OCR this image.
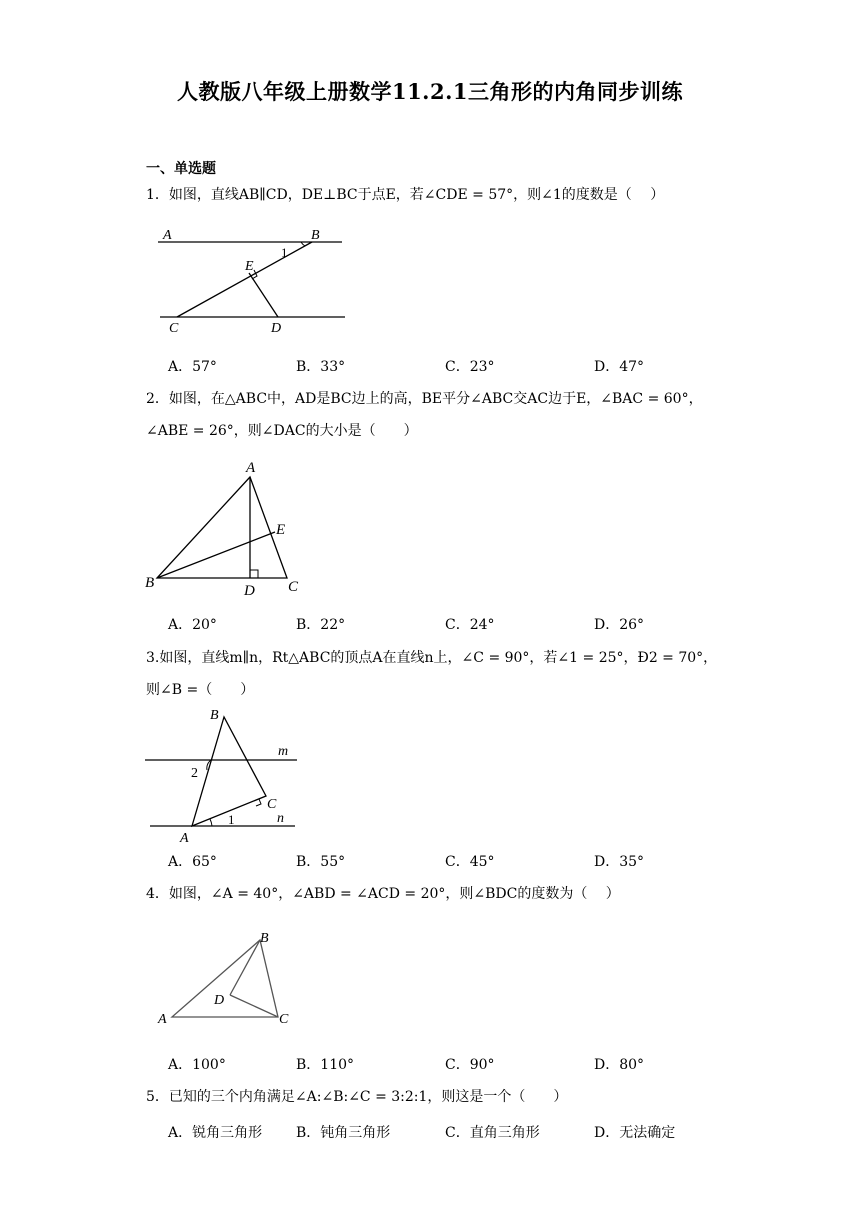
人教版八年级上册数学11.2.1三角形的内角同步训练
一、单选题
1．如图，直线AB∥CD，DE⊥BC于点E，若∠CDE = 57°，则∠1的度数是（　 ）
A	B
1
E
C	D
A．57°	B．33°	C．23°	D．47°
2．如图，在△ABC中，AD是BC边上的高，BE平分∠ABC交AC边于E，∠BAC = 60°，
∠ABE = 26°，则∠DAC的大小是（　　）
A
E
B	D C
A．20°	B．22°	C．24°	D．26°
3.如图，直线m∥n，Rt△ABC的顶点A在直线n上，∠C = 90°，若∠1 = 25°，Ð2 = 70°，
则∠B =（　　）
B
m
2
C
A
1	n
A．65°	B．55°	C．45°	D．35°
4．如图，∠A = 40°，∠ABD = ∠ACD = 20°，则∠BDC的度数为（　 ）
B
D
A	C
A．100°	B．110°	C．90°	D．80°
5．已知的三个内角满足∠A:∠B:∠C = 3:2:1，则这是一个（　　）
A．锐角三角形 B．钝角三角形	C．直角三角形	D．无法确定
